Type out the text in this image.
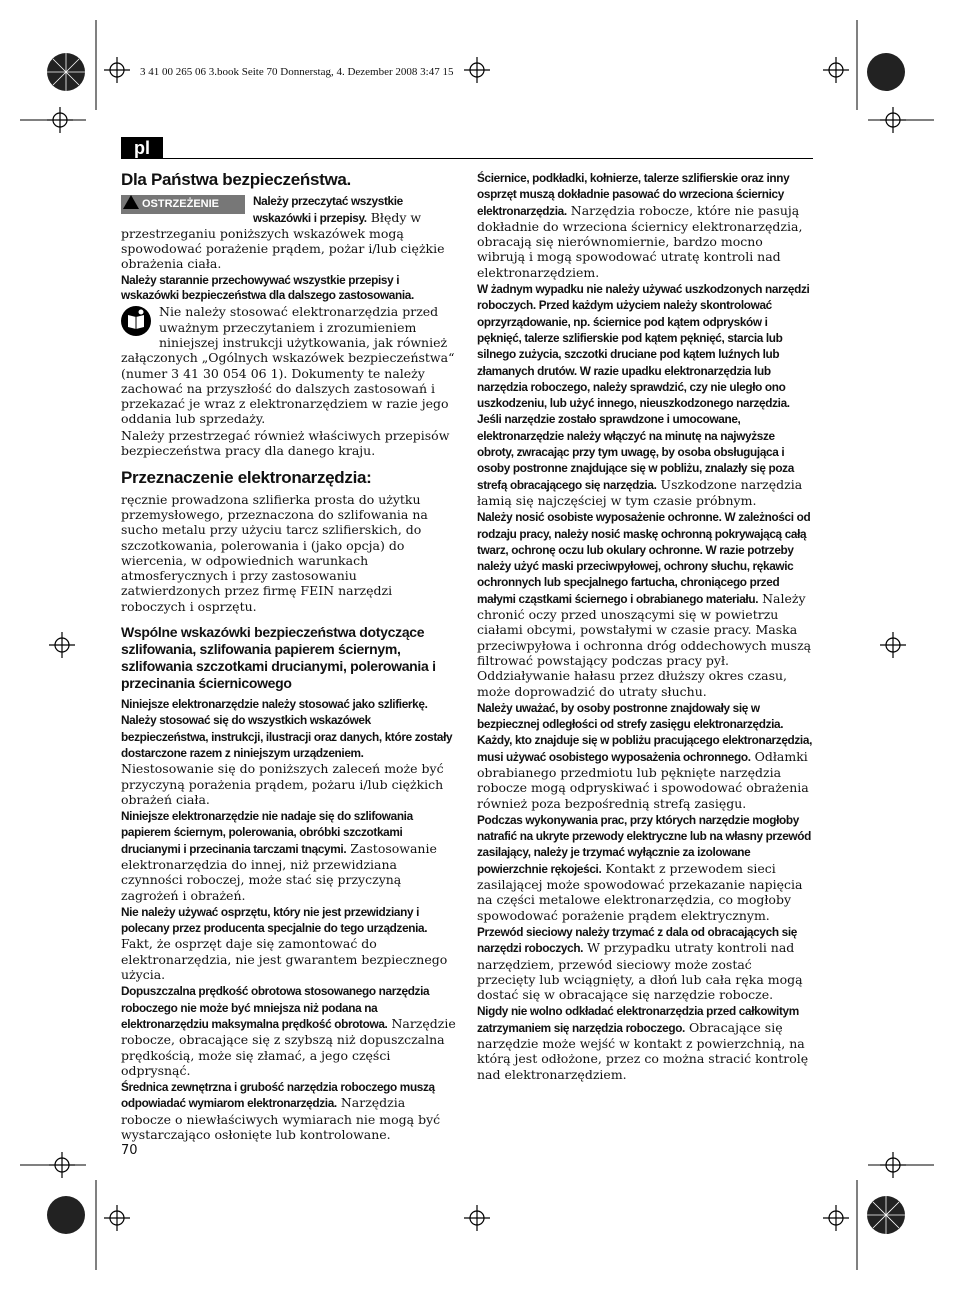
3 41 00 265 06 3.book Seite 70 Donnerstag, 4. Dezember 2008 3:47 15
pl
Dla Państwa bezpieczeństwa.

OSTRZEŻENIE	Należy przeczytać wszystkie wskazówki i przepisy. Błędy w przestrzeganiu poniższych wskazówek mogą spowodować porażenie prądem, pożar i/lub ciężkie obrażenia ciała.

Należy starannie przechowywać wszystkie przepisy i wskazówki bezpieczeństwa dla dalszego zastosowania.

Nie należy stosować elektronarzędzia przed uważnym przeczytaniem i zrozumieniem niniejszej instrukcji użytkowania, jak również załączonych „Ogólnych wskazówek bezpieczeństwa“ (numer 3 41 30 054 06 1). Dokumenty te należy zachować na przyszłość do dalszych zastosowań i przekazać je wraz z elektronarzędziem w razie jego oddania lub sprzedaży.

Należy przestrzegać również właściwych przepisów bezpieczeństwa pracy dla danego kraju.

Przeznaczenie elektronarzędzia:

ręcznie prowadzona szlifierka prosta do użytku przemysłowego, przeznaczona do szlifowania na sucho metalu przy użyciu tarcz szlifierskich, do szczotkowania, polerowania i (jako opcja) do wiercenia, w odpowiednich warunkach atmosferycznych i przy zastosowaniu zatwierdzonych przez firmę FEIN narzędzi roboczych i osprzętu.

Wspólne wskazówki bezpieczeństwa dotyczące szlifowania, szlifowania papierem ściernym, szlifowania szczotkami drucianymi, polerowania i przecinania ściernicowego

Niniejsze elektronarzędzie należy stosować jako szlifierkę. Należy stosować się do wszystkich wskazówek bezpieczeństwa, instrukcji, ilustracji oraz danych, które zostały dostarczone razem z niniejszym urządzeniem. Niestosowanie się do poniższych zaleceń może być przyczyną porażenia prądem, pożaru i/lub ciężkich obrażeń ciała.

Niniejsze elektronarzędzie nie nadaje się do szlifowania papierem ściernym, polerowania, obróbki szczotkami drucianymi i przecinania tarczami tnącymi. Zastosowanie elektronarzędzia do innej, niż przewidziana czynności roboczej, może stać się przyczyną zagrożeń i obrażeń.

Nie należy używać osprzętu, który nie jest przewidziany i polecany przez producenta specjalnie do tego urządzenia. Fakt, że osprzęt daje się zamontować do elektronarzędzia, nie jest gwarantem bezpiecznego użycia.

Dopuszczalna prędkość obrotowa stosowanego narzędzia roboczego nie może być mniejsza niż podana na elektronarzędziu maksymalna prędkość obrotowa. Narzędzie robocze, obracające się z szybszą niż dopuszczalna prędkością, może się złamać, a jego części odprysnąć.

Średnica zewnętrzna i grubość narzędzia roboczego muszą odpowiadać wymiarom elektronarzędzia. Narzędzia robocze o niewłaściwych wymiarach nie mogą być wystarczająco osłonięte lub kontrolowane.

Ściernice, podkładki, kołnierze, talerze szlifierskie oraz inny osprzęt muszą dokładnie pasować do wrzeciona ściernicy elektronarzędzia. Narzędzia robocze, które nie pasują dokładnie do wrzeciona ściernicy elektronarzędzia, obracają się nierównomiernie, bardzo mocno wibrują i mogą spowodować utratę kontroli nad elektronarzędziem.

W żadnym wypadku nie należy używać uszkodzonych narzędzi roboczych. Przed każdym użyciem należy skontrolować oprzyrządowanie, np. ściernice pod kątem odprysków i pęknięć, talerze szlifierskie pod kątem pęknięć, starcia lub silnego zużycia, szczotki druciane pod kątem luźnych lub złamanych drutów. W razie upadku elektronarzędzia lub narzędzia roboczego, należy sprawdzić, czy nie uległo ono uszkodzeniu, lub użyć innego, nieuszkodzonego narzędzia. Jeśli narzędzie zostało sprawdzone i umocowane, elektronarzędzie należy włączyć na minutę na najwyższe obroty, zwracając przy tym uwagę, by osoba obsługująca i osoby postronne znajdujące się w pobliżu, znalazły się poza strefą obracającego się narzędzia. Uszkodzone narzędzia łamią się najczęściej w tym czasie próbnym.

Należy nosić osobiste wyposażenie ochronne. W zależności od rodzaju pracy, należy nosić maskę ochronną pokrywającą całą twarz, ochronę oczu lub okulary ochronne. W razie potrzeby należy użyć maski przeciwpyłowej, ochrony słuchu, rękawic ochronnych lub specjalnego fartucha, chroniącego przed małymi cząstkami ściernego i obrabianego materiału. Należy chronić oczy przed unoszącymi się w powietrzu ciałami obcymi, powstałymi w czasie pracy. Maska przeciwpyłowa i ochronna dróg oddechowych muszą filtrować powstający podczas pracy pył. Oddziaływanie hałasu przez dłuższy okres czasu, może doprowadzić do utraty słuchu.

Należy uważać, by osoby postronne znajdowały się w bezpiecznej odległości od strefy zasięgu elektronarzędzia. Każdy, kto znajduje się w pobliżu pracującego elektronarzędzia, musi używać osobistego wyposażenia ochronnego. Odłamki obrabianego przedmiotu lub pęknięte narzędzia robocze mogą odpryskiwać i spowodować obrażenia również poza bezpośrednią strefą zasięgu.

Podczas wykonywania prac, przy których narzędzie mogłoby natrafić na ukryte przewody elektryczne lub na własny przewód zasilający, należy je trzymać wyłącznie za izolowane powierzchnie rękojeści. Kontakt z przewodem sieci zasilającej może spowodować przekazanie napięcia na części metalowe elektronarzędzia, co mogłoby spowodować porażenie prądem elektrycznym.

Przewód sieciowy należy trzymać z dala od obracających się narzędzi roboczych. W przypadku utraty kontroli nad narzędziem, przewód sieciowy może zostać przecięty lub wciągnięty, a dłoń lub cała ręka mogą dostać się w obracające się narzędzie robocze.

Nigdy nie wolno odkładać elektronarzędzia przed całkowitym zatrzymaniem się narzędzia roboczego. Obracające się narzędzie może wejść w kontakt z powierzchnią, na którą jest odłożone, przez co można stracić kontrolę nad elektronarzędziem.

70
